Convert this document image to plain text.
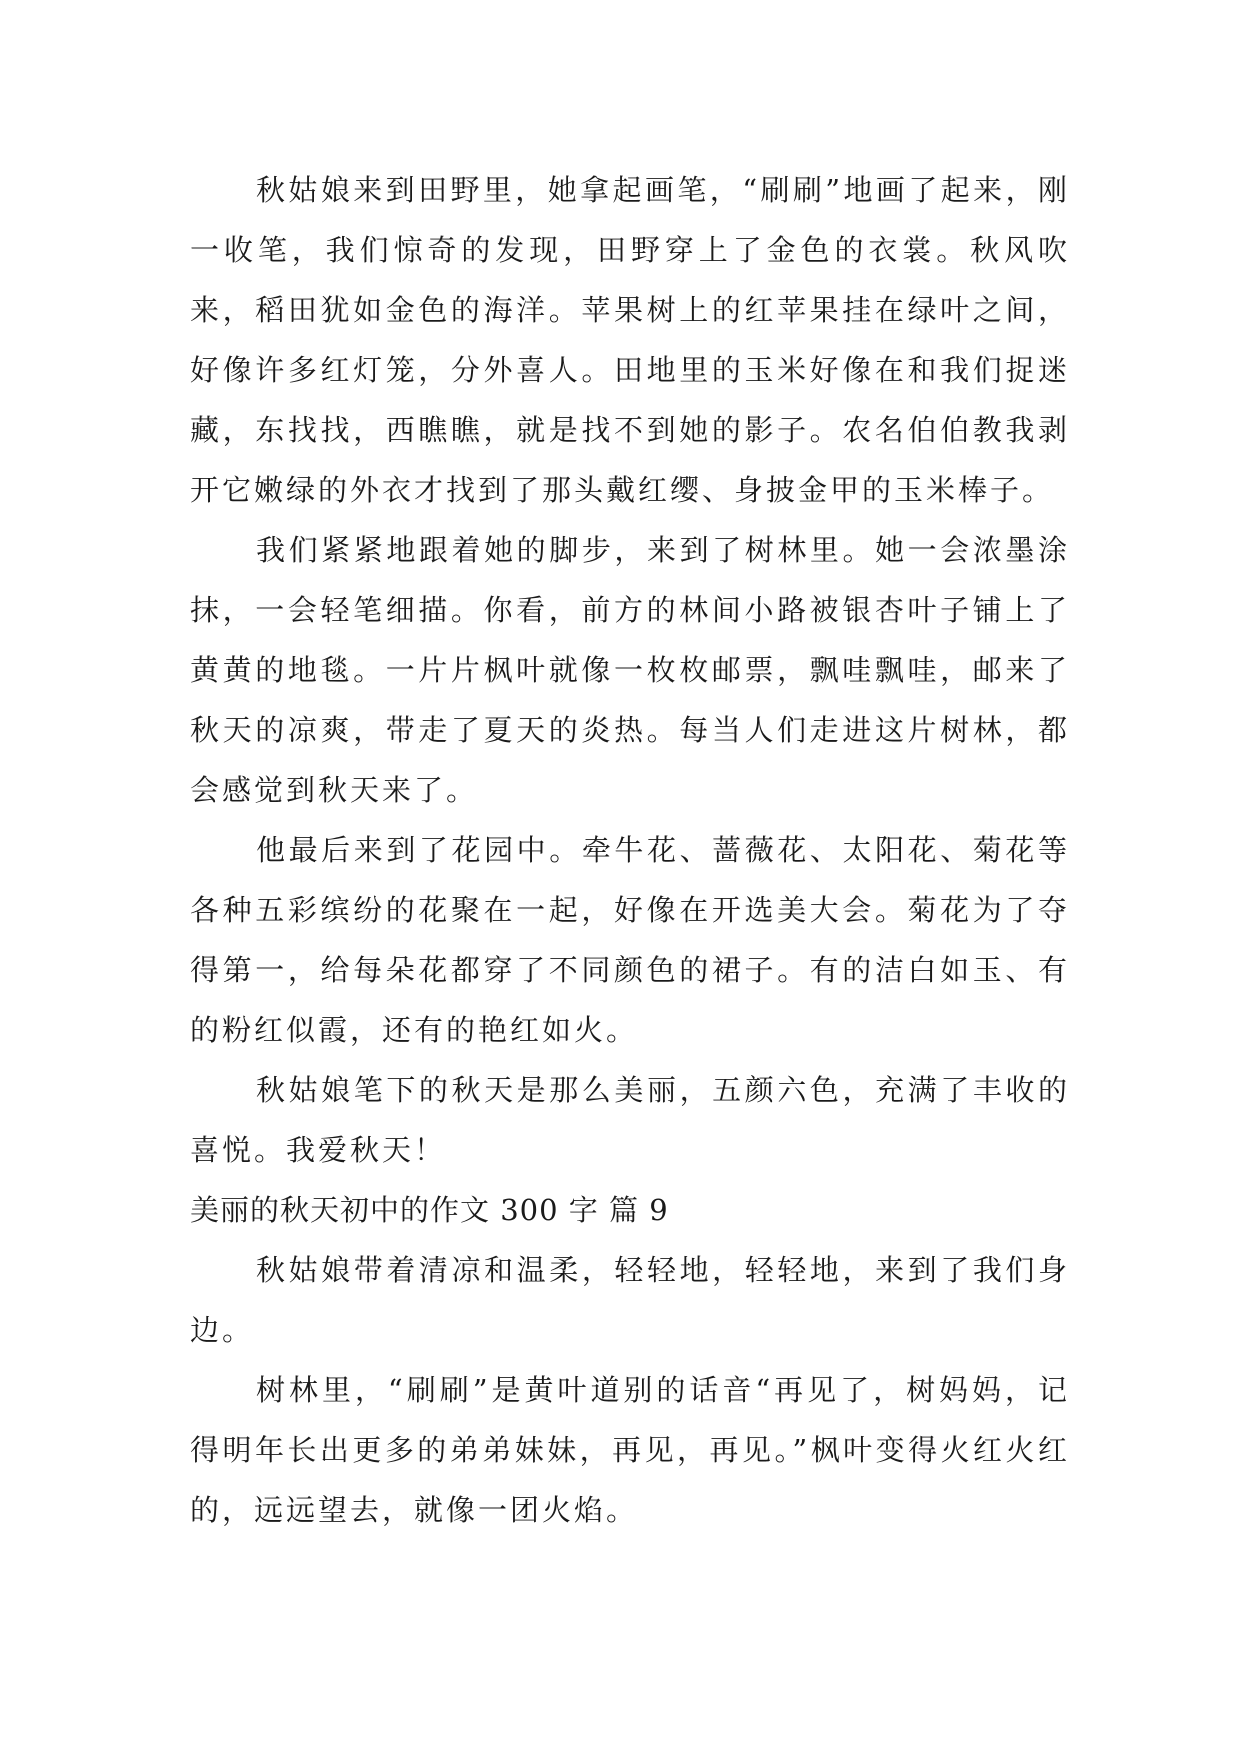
秋姑娘来到田野里，她拿起画笔，“刷刷”地画了起来，刚一收笔，我们惊奇的发现，田野穿上了金色的衣裳。秋风吹来，稻田犹如金色的海洋。苹果树上的红苹果挂在绿叶之间，好像许多红灯笼，分外喜人。田地里的玉米好像在和我们捉迷藏，东找找，西瞧瞧，就是找不到她的影子。农名伯伯教我剥开它嫩绿的外衣才找到了那头戴红缨、身披金甲的玉米棒子。

我们紧紧地跟着她的脚步，来到了树林里。她一会浓墨涂抹，一会轻笔细描。你看，前方的林间小路被银杏叶子铺上了黄黄的地毯。一片片枫叶就像一枚枚邮票，飘哇飘哇，邮来了秋天的凉爽，带走了夏天的炎热。每当人们走进这片树林，都会感觉到秋天来了。

他最后来到了花园中。牵牛花、蔷薇花、太阳花、菊花等各种五彩缤纷的花聚在一起，好像在开选美大会。菊花为了夺得第一，给每朵花都穿了不同颜色的裙子。有的洁白如玉、有的粉红似霞，还有的艳红如火。

秋姑娘笔下的秋天是那么美丽，五颜六色，充满了丰收的喜悦。我爱秋天！

美丽的秋天初中的作文 300 字 篇 9

秋姑娘带着清凉和温柔，轻轻地，轻轻地，来到了我们身边。

树林里，“刷刷”是黄叶道别的话音“再见了，树妈妈，记得明年长出更多的弟弟妹妹，再见，再见。”枫叶变得火红火红的，远远望去，就像一团火焰。
